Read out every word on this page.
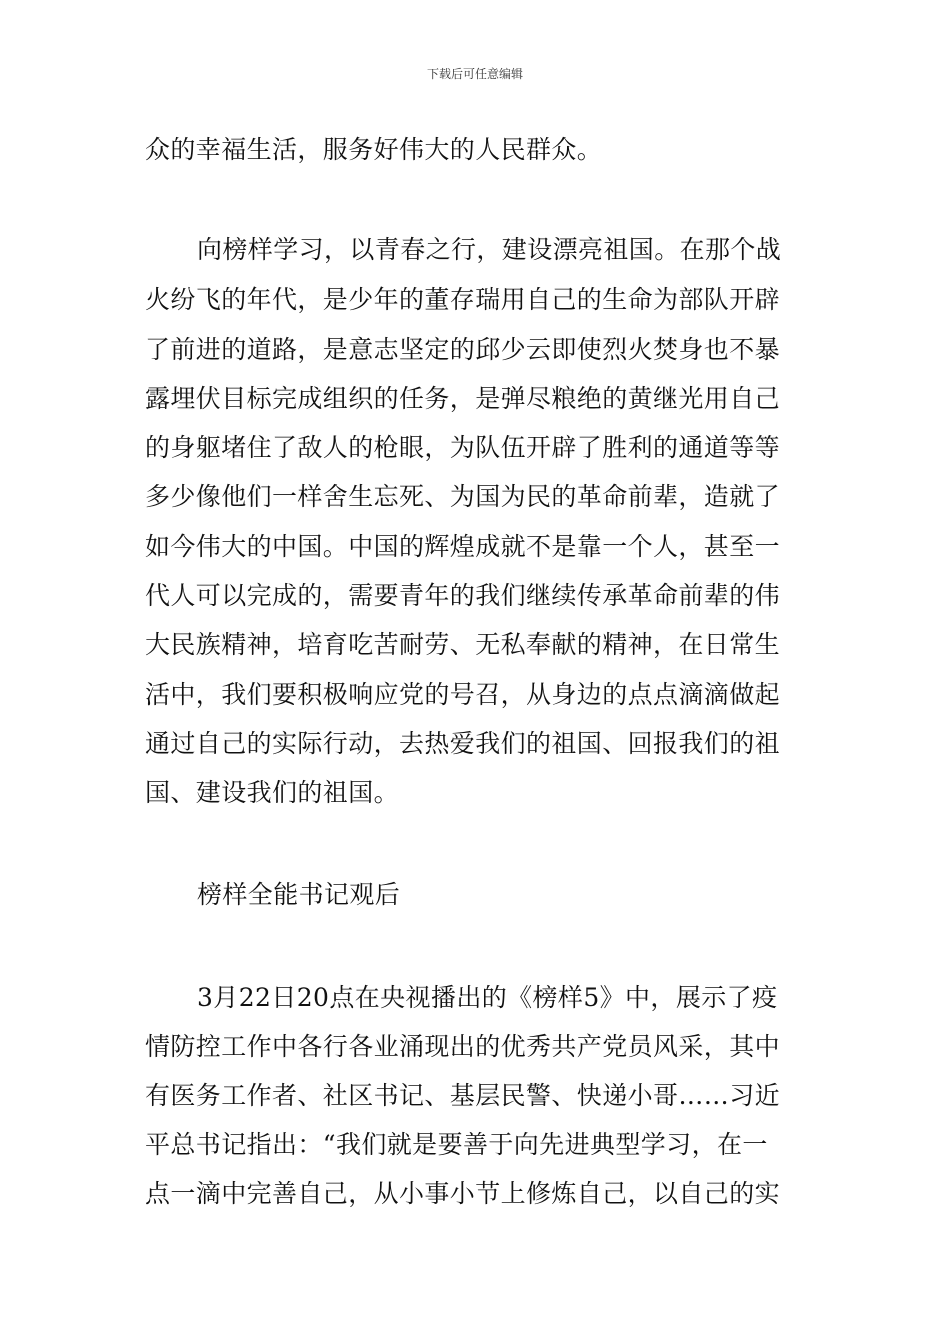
下载后可任意编辑
众的幸福生活，服务好伟大的人民群众。
向榜样学习，以青春之行，建设漂亮祖国。在那个战
火纷飞的年代，是少年的董存瑞用自己的生命为部队开辟
了前进的道路，是意志坚定的邱少云即使烈火焚身也不暴
露埋伏目标完成组织的任务，是弹尽粮绝的黄继光用自己
的身躯堵住了敌人的枪眼，为队伍开辟了胜利的通道等等
多少像他们一样舍生忘死、为国为民的革命前辈，造就了
如今伟大的中国。中国的辉煌成就不是靠一个人，甚至一
代人可以完成的，需要青年的我们继续传承革命前辈的伟
大民族精神，培育吃苦耐劳、无私奉献的精神，在日常生
活中，我们要积极响应党的号召，从身边的点点滴滴做起
通过自己的实际行动，去热爱我们的祖国、回报我们的祖
国、建设我们的祖国。
榜样全能书记观后
3月22日20点在央视播出的《榜样5》中，展示了疫
情防控工作中各行各业涌现出的优秀共产党员风采，其中
有医务工作者、社区书记、基层民警、快递小哥……习近
平总书记指出：“我们就是要善于向先进典型学习，在一
点一滴中完善自己，从小事小节上修炼自己，以自己的实
